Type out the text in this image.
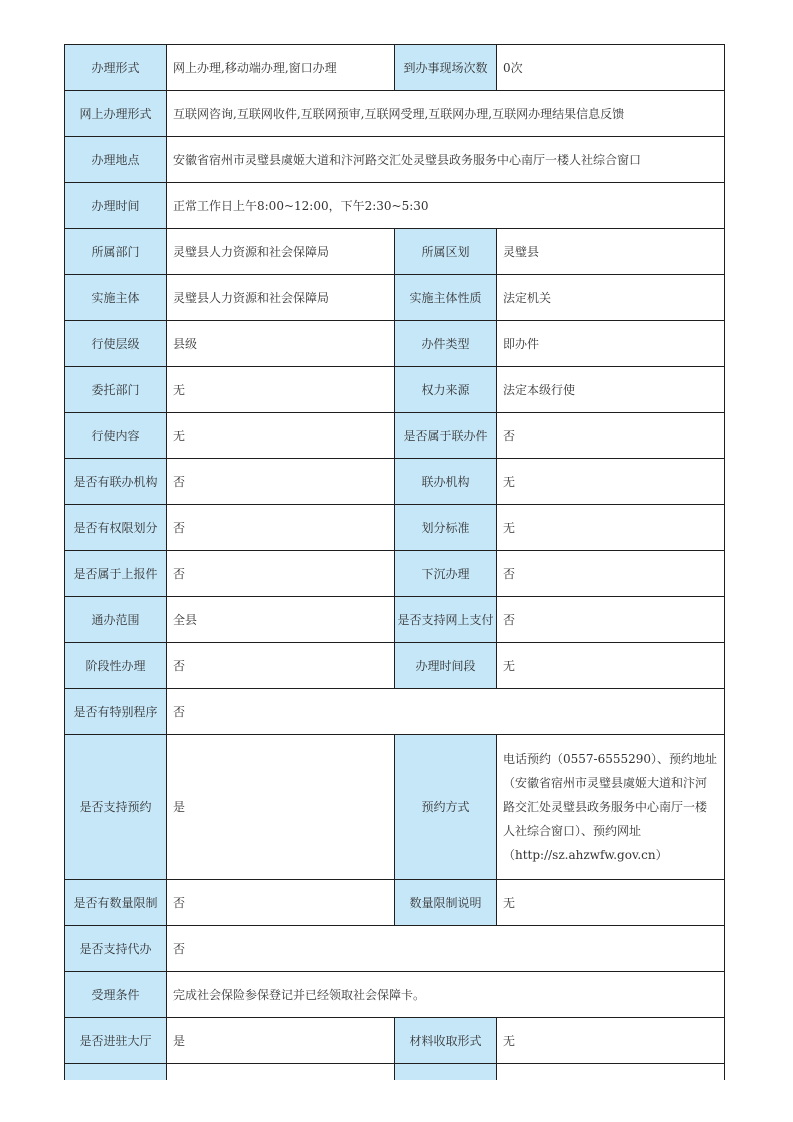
办理形式	网上办理,移动端办理,窗口办理	到办事现场次数	0次
网上办理形式	互联网咨询,互联网收件,互联网预审,互联网受理,互联网办理,互联网办理结果信息反馈		
办理地点	安徽省宿州市灵璧县虞姬大道和汴河路交汇处灵璧县政务服务中心南厅一楼人社综合窗口		
办理时间	正常工作日上午8:00~12:00，下午2:30~5:30		
所属部门	灵璧县人力资源和社会保障局	所属区划	灵璧县
实施主体	灵璧县人力资源和社会保障局	实施主体性质	法定机关
行使层级	县级	办件类型	即办件
委托部门	无	权力来源	法定本级行使
行使内容	无	是否属于联办件	否
是否有联办机构	否	联办机构	无
是否有权限划分	否	划分标准	无
是否属于上报件	否	下沉办理	否
通办范围	全县	是否支持网上支付	否
阶段性办理	否	办理时间段	无
是否有特别程序	否		
是否支持预约	是	预约方式	电话预约（0557-6555290）、预约地址（安徽省宿州市灵璧县虞姬大道和汴河路交汇处灵璧县政务服务中心南厅一楼人社综合窗口）、预约网址（http://sz.ahzwfw.gov.cn）
是否有数量限制	否	数量限制说明	无
是否支持代办	否		
受理条件	完成社会保险参保登记并已经领取社会保障卡。		
是否进驻大厅	是	材料收取形式	无
